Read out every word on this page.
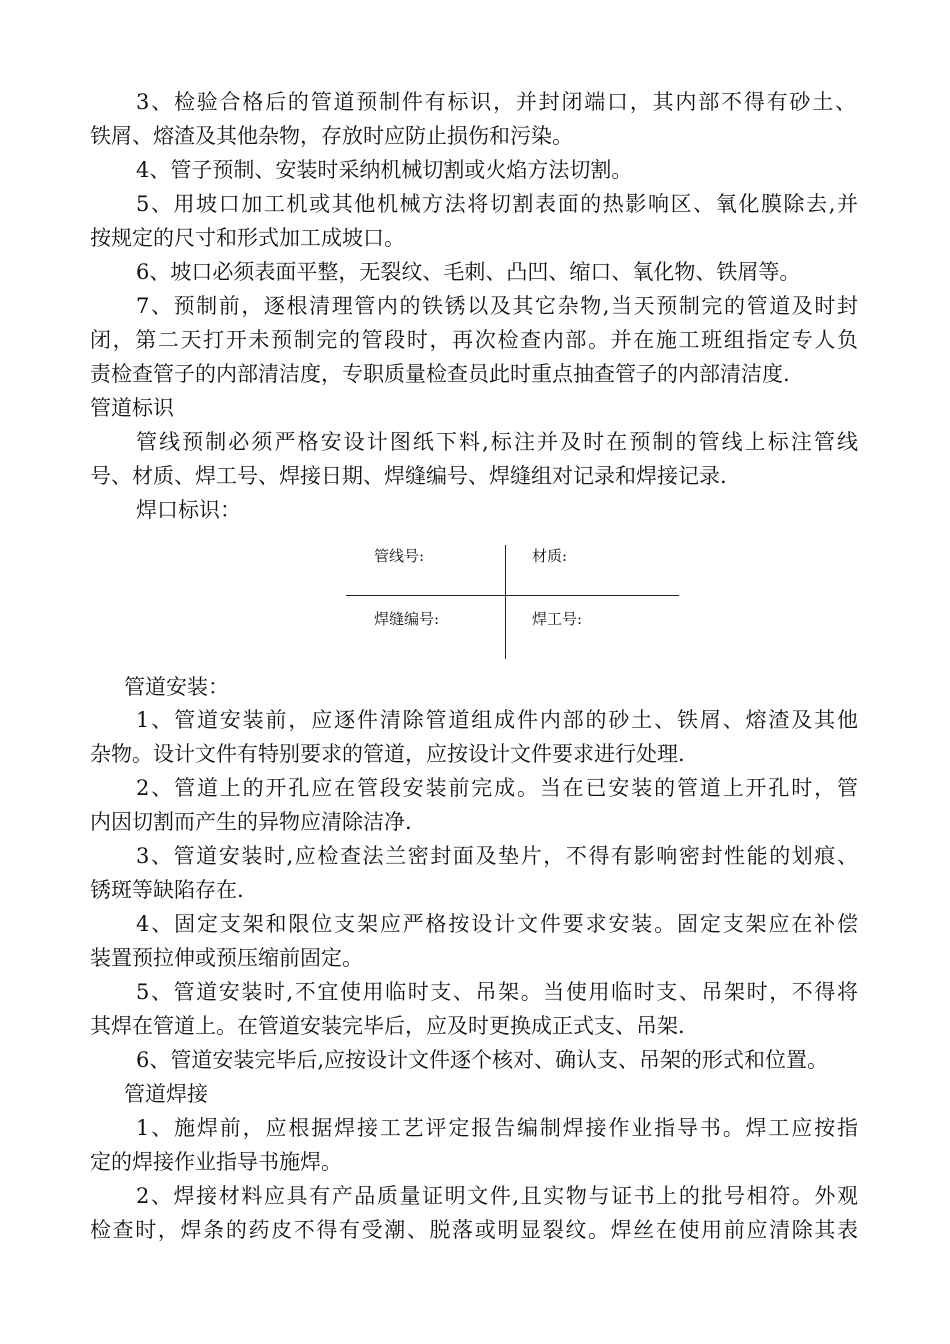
3、检验合格后的管道预制件有标识，并封闭端口，其内部不得有砂土、
铁屑、熔渣及其他杂物，存放时应防止损伤和污染。
4、管子预制、安装时采纳机械切割或火焰方法切割。
5、用坡口加工机或其他机械方法将切割表面的热影响区、氧化膜除去,并
按规定的尺寸和形式加工成坡口。
6、坡口必须表面平整，无裂纹、毛刺、凸凹、缩口、氧化物、铁屑等。
7、预制前，逐根清理管内的铁锈以及其它杂物,当天预制完的管道及时封
闭，第二天打开未预制完的管段时，再次检查内部。并在施工班组指定专人负
责检查管子的内部清洁度，专职质量检查员此时重点抽查管子的内部清洁度.
管道标识
管线预制必须严格安设计图纸下料,标注并及时在预制的管线上标注管线
号、材质、焊工号、焊接日期、焊缝编号、焊缝组对记录和焊接记录.
焊口标识：
管线号:	材质:
焊缝编号:	焊工号:
管道安装：
1、管道安装前，应逐件清除管道组成件内部的砂土、铁屑、熔渣及其他
杂物。设计文件有特别要求的管道，应按设计文件要求进行处理.
2、管道上的开孔应在管段安装前完成。当在已安装的管道上开孔时，管
内因切割而产生的异物应清除洁净.
3、管道安装时,应检查法兰密封面及垫片，不得有影响密封性能的划痕、
锈斑等缺陷存在.
4、固定支架和限位支架应严格按设计文件要求安装。固定支架应在补偿
装置预拉伸或预压缩前固定。
5、管道安装时,不宜使用临时支、吊架。当使用临时支、吊架时，不得将
其焊在管道上。在管道安装完毕后，应及时更换成正式支、吊架.
6、管道安装完毕后,应按设计文件逐个核对、确认支、吊架的形式和位置。
管道焊接
1、施焊前，应根据焊接工艺评定报告编制焊接作业指导书。焊工应按指
定的焊接作业指导书施焊。
2、焊接材料应具有产品质量证明文件,且实物与证书上的批号相符。外观
检查时，焊条的药皮不得有受潮、脱落或明显裂纹。焊丝在使用前应清除其表
